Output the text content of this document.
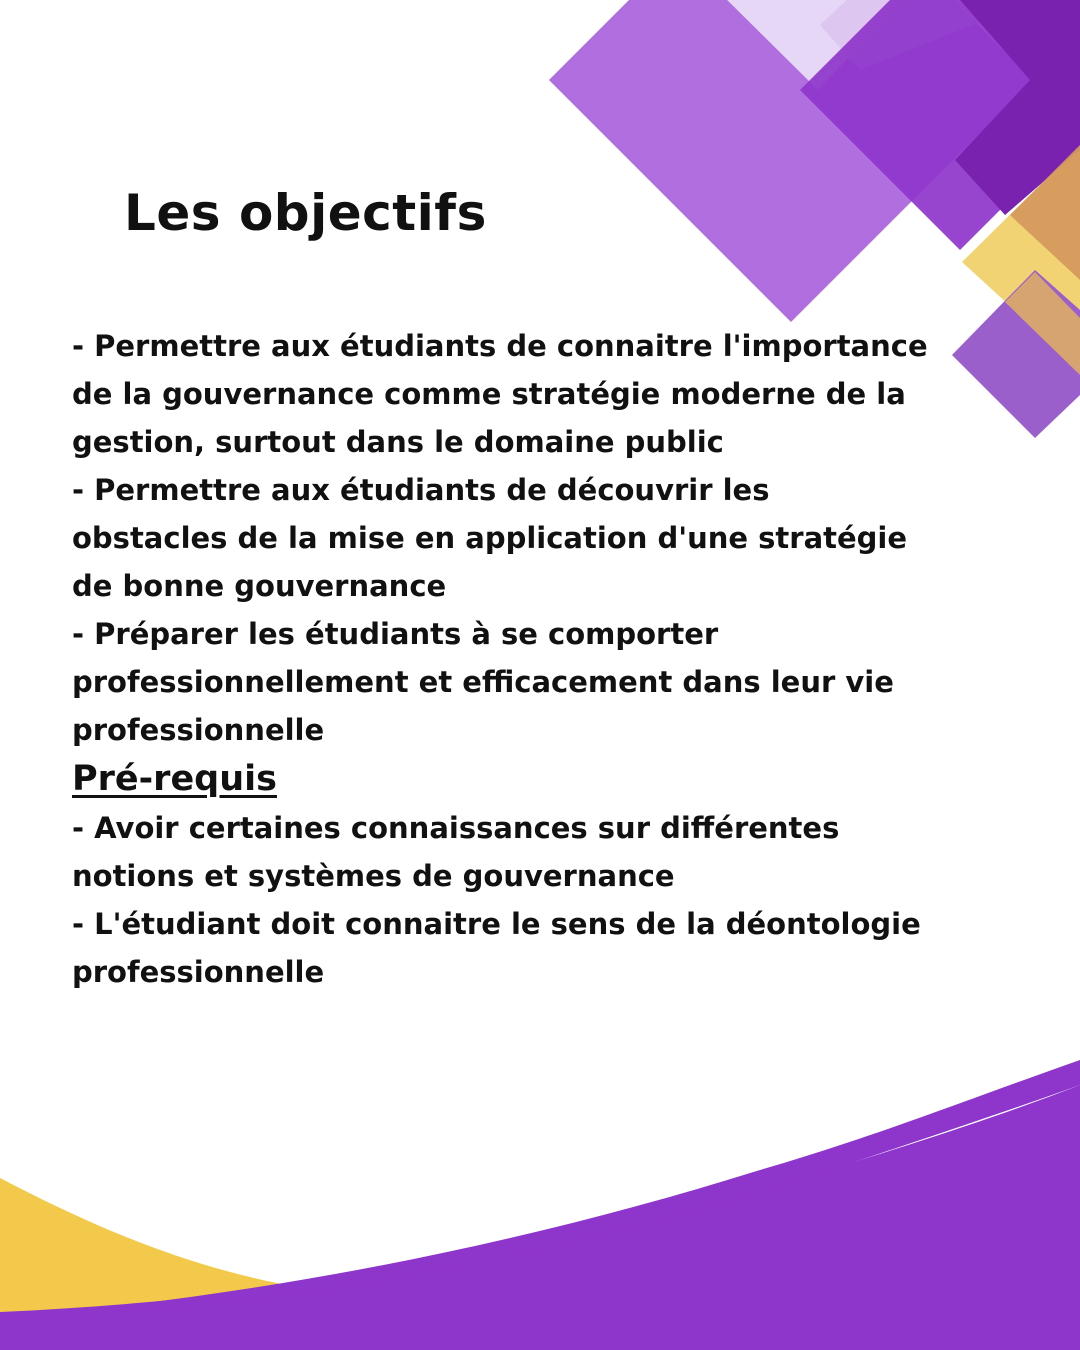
Les objectifs

- Permettre aux étudiants de connaitre l'importance de la gouvernance comme stratégie moderne de la gestion, surtout dans le domaine public

- Permettre aux étudiants de découvrir les obstacles de la mise en application d'une stratégie de bonne gouvernance

- Préparer les étudiants à se comporter professionnellement et efficacement dans leur vie professionnelle

Pré-requis

- Avoir certaines connaissances sur différentes notions et systèmes de gouvernance

- L'étudiant doit connaitre le sens de la déontologie professionnelle
